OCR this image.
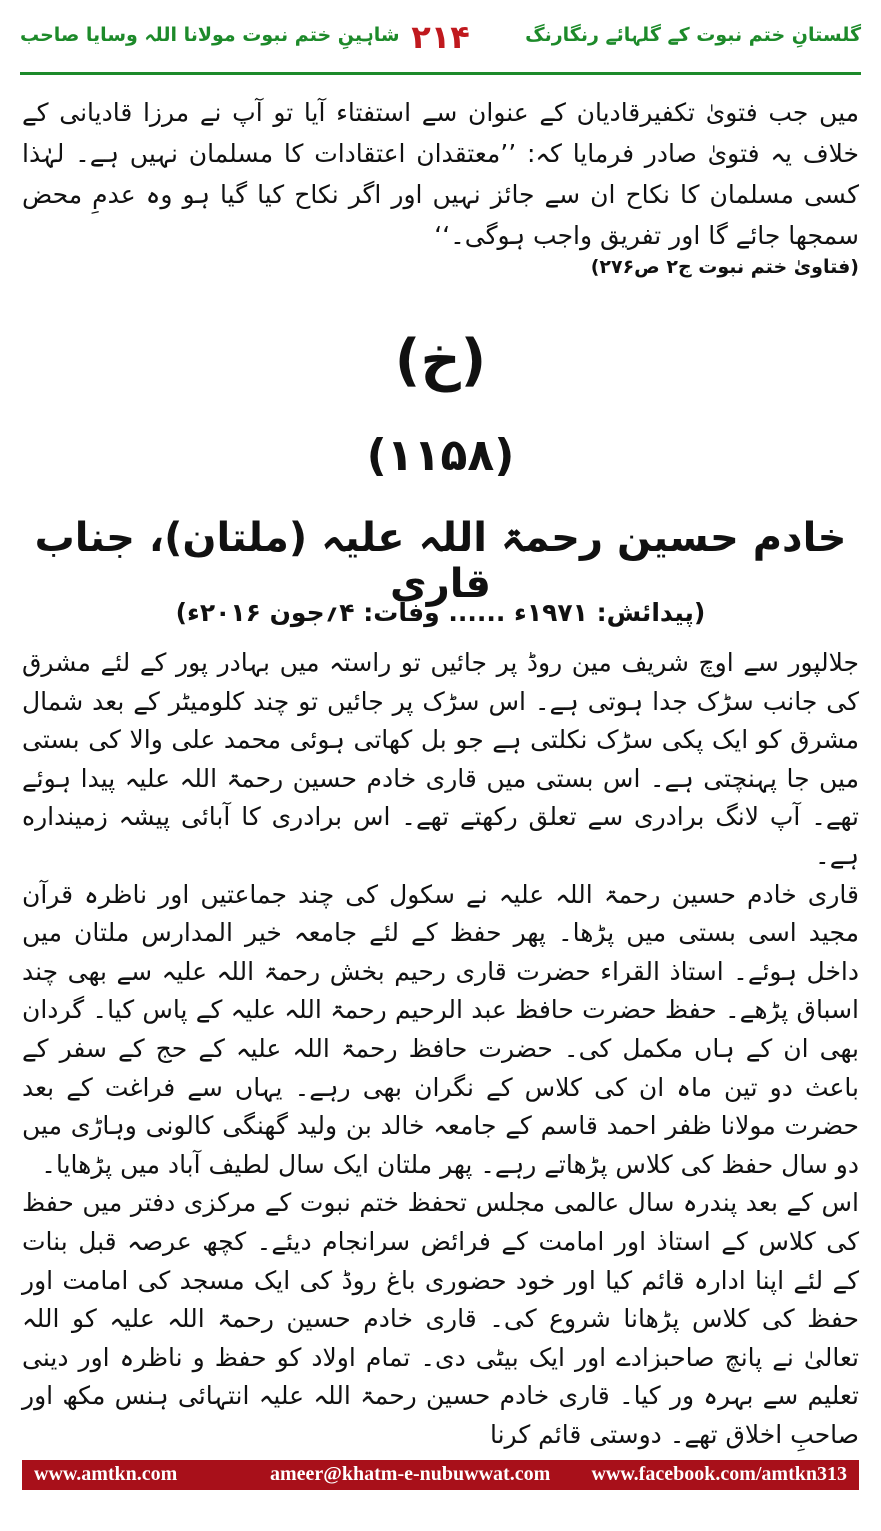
گلستانِ ختم نبوت کے گلہائے رنگارنگ
۲۱۴
شاہینِ ختم نبوت مولانا اللہ وسایا صاحب
میں جب فتویٰ تکفیرقادیان کے عنوان سے استفتاء آیا تو آپ نے مرزا قادیانی کے خلاف یہ فتویٰ صادر فرمایا کہ: ’’معتقدان اعتقادات کا مسلمان نہیں ہے۔ لہٰذا کسی مسلمان کا نکاح ان سے جائز نہیں اور اگر نکاح کیا گیا ہو وہ عدمِ محض سمجھا جائے گا اور تفریق واجب ہوگی۔‘‘
(فتاویٰ ختم نبوت ج۲ ص۲۷۶)
(خ)
(۱۱۵۸)
خادم حسین رحمۃ اللہ علیہ (ملتان)، جناب قاری
(پیدائش: ۱۹۷۱ء ...... وفات: ۴؍جون ۲۰۱۶ء)

جلالپور سے اوچ شریف مین روڈ پر جائیں تو راستہ میں بہادر پور کے لئے مشرق کی جانب سڑک جدا ہوتی ہے۔ اس سڑک پر جائیں تو چند کلومیٹر کے بعد شمال مشرق کو ایک پکی سڑک نکلتی ہے جو بل کھاتی ہوئی محمد علی والا کی بستی میں جا پہنچتی ہے۔ اس بستی میں قاری خادم حسین رحمۃ اللہ علیہ پیدا ہوئے تھے۔ آپ لانگ برادری سے تعلق رکھتے تھے۔ اس برادری کا آبائی پیشہ زمینداره ہے۔

قاری خادم حسین رحمۃ اللہ علیہ نے سکول کی چند جماعتیں اور ناظرہ قرآن مجید اسی بستی میں پڑھا۔ پھر حفظ کے لئے جامعہ خیر المدارس ملتان میں داخل ہوئے۔ استاذ القراء حضرت قاری رحیم بخش رحمۃ اللہ علیہ سے بھی چند اسباق پڑھے۔ حفظ حضرت حافظ عبد الرحیم رحمۃ اللہ علیہ کے پاس کیا۔ گردان بھی ان کے ہاں مکمل کی۔ حضرت حافظ رحمۃ اللہ علیہ کے حج کے سفر کے باعث دو تین ماہ ان کی کلاس کے نگران بھی رہے۔ یہاں سے فراغت کے بعد حضرت مولانا ظفر احمد قاسم کے جامعہ خالد بن ولید گھنگی کالونی وہاڑی میں دو سال حفظ کی کلاس پڑھاتے رہے۔ پھر ملتان ایک سال لطیف آباد میں پڑھایا۔

اس کے بعد پندرہ سال عالمی مجلس تحفظ ختم نبوت کے مرکزی دفتر میں حفظ کی کلاس کے استاذ اور امامت کے فرائض سرانجام دیئے۔ کچھ عرصہ قبل بنات کے لئے اپنا ادارہ قائم کیا اور خود حضوری باغ روڈ کی ایک مسجد کی امامت اور حفظ کی کلاس پڑھانا شروع کی۔ قاری خادم حسین رحمۃ اللہ علیہ کو اللہ تعالیٰ نے پانچ صاحبزادے اور ایک بیٹی دی۔ تمام اولاد کو حفظ و ناظرہ اور دینی تعلیم سے بہرہ ور کیا۔ قاری خادم حسین رحمۃ اللہ علیہ انتہائی ہنس مکھ اور صاحبِ اخلاق تھے۔ دوستی قائم کرنا

www.amtkn.com	ameer@khatm-e-nubuwwat.com www.facebook.com/amtkn313
